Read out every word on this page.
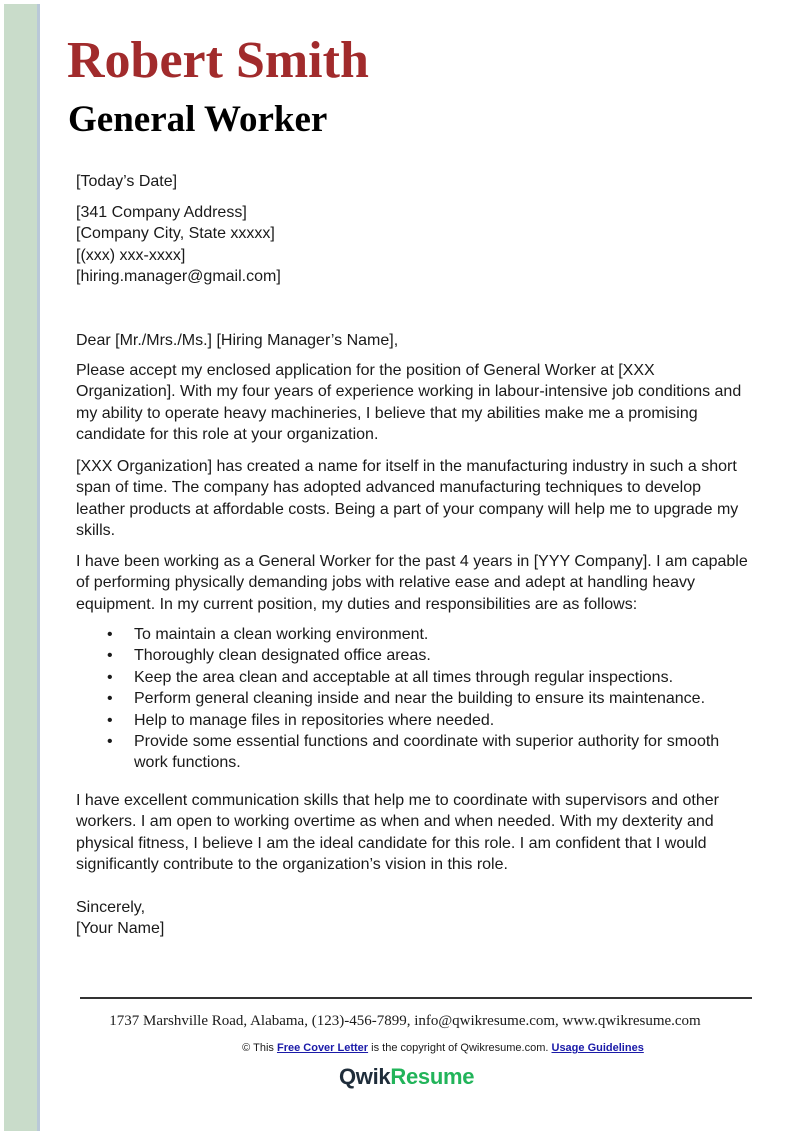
Robert Smith
General Worker
[Today’s Date]

[341 Company Address]

[Company City, State xxxxx]

[(xxx) xxx-xxxx]

[hiring.manager@gmail.com]

Dear [Mr./Mrs./Ms.] [Hiring Manager’s Name],
Please accept my enclosed application for the position of General Worker at [XXX Organization]. With my four years of experience working in labour-intensive job conditions and my ability to operate heavy machineries, I believe that my abilities make me a promising candidate for this role at your organization.
[XXX Organization] has created a name for itself in the manufacturing industry in such a short span of time. The company has adopted advanced manufacturing techniques to develop leather products at affordable costs. Being a part of your company will help me to upgrade my skills.
I have been working as a General Worker for the past 4 years in [YYY Company]. I am capable of performing physically demanding jobs with relative ease and adept at handling heavy equipment. In my current position, my duties and responsibilities are as follows:
• To maintain a clean working environment.
• Thoroughly clean designated office areas.
• Keep the area clean and acceptable at all times through regular inspections.
• Perform general cleaning inside and near the building to ensure its maintenance.
• Help to manage files in repositories where needed.
• Provide some essential functions and coordinate with superior authority for smooth work functions.
I have excellent communication skills that help me to coordinate with supervisors and other workers. I am open to working overtime as when and when needed. With my dexterity and physical fitness, I believe I am the ideal candidate for this role. I am confident that I would significantly contribute to the organization’s vision in this role.

Sincerely,

[Your Name]

1737 Marshville Road, Alabama, (123)-456-7899, info@qwikresume.com, www.qwikresume.com
© This Free Cover Letter is the copyright of Qwikresume.com. Usage Guidelines
QwikResume
